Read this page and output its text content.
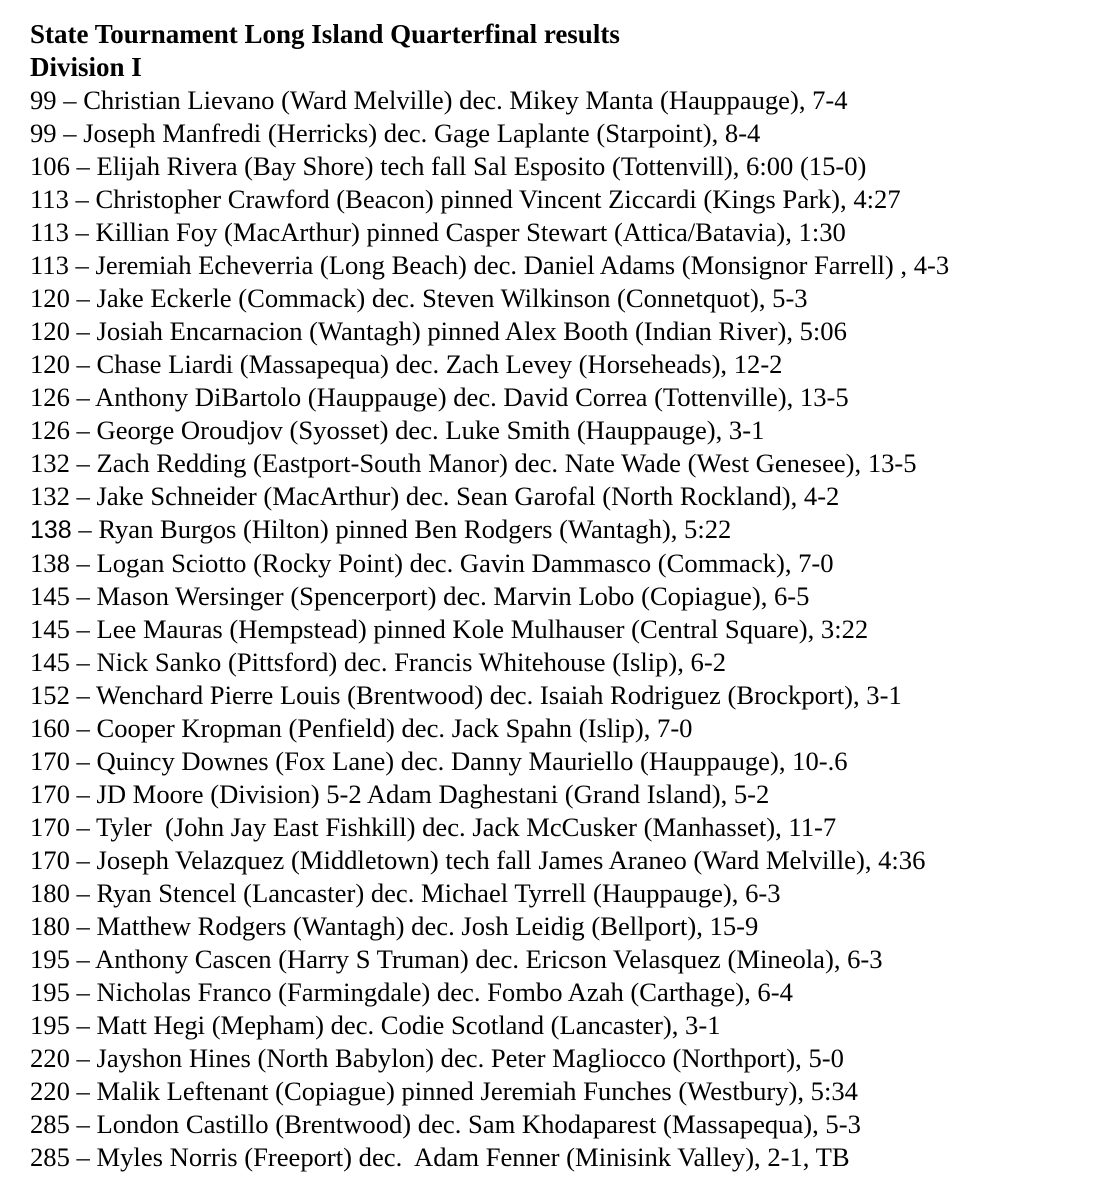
State Tournament Long Island Quarterfinal results
Division I
99 – Christian Lievano (Ward Melville) dec. Mikey Manta (Hauppauge), 7-4
99 – Joseph Manfredi (Herricks) dec. Gage Laplante (Starpoint), 8-4
106 – Elijah Rivera (Bay Shore) tech fall Sal Esposito (Tottenvill), 6:00 (15-0)
113 – Christopher Crawford (Beacon) pinned Vincent Ziccardi (Kings Park), 4:27
113 – Killian Foy (MacArthur) pinned Casper Stewart (Attica/Batavia), 1:30
113 – Jeremiah Echeverria (Long Beach) dec. Daniel Adams (Monsignor Farrell) , 4-3
120 – Jake Eckerle (Commack) dec. Steven Wilkinson (Connetquot), 5-3
120 – Josiah Encarnacion (Wantagh) pinned Alex Booth (Indian River), 5:06
120 – Chase Liardi (Massapequa) dec. Zach Levey (Horseheads), 12-2
126 – Anthony DiBartolo (Hauppauge) dec. David Correa (Tottenville), 13-5
126 – George Oroudjov (Syosset) dec. Luke Smith (Hauppauge), 3-1
132 – Zach Redding (Eastport-South Manor) dec. Nate Wade (West Genesee), 13-5
132 – Jake Schneider (MacArthur) dec. Sean Garofal (North Rockland), 4-2
138 – Ryan Burgos (Hilton) pinned Ben Rodgers (Wantagh), 5:22
138 – Logan Sciotto (Rocky Point) dec. Gavin Dammasco (Commack), 7-0
145 – Mason Wersinger (Spencerport) dec. Marvin Lobo (Copiague), 6-5
145 – Lee Mauras (Hempstead) pinned Kole Mulhauser (Central Square), 3:22
145 – Nick Sanko (Pittsford) dec. Francis Whitehouse (Islip), 6-2
152 – Wenchard Pierre Louis (Brentwood) dec. Isaiah Rodriguez (Brockport), 3-1
160 – Cooper Kropman (Penfield) dec. Jack Spahn (Islip), 7-0
170 – Quincy Downes (Fox Lane) dec. Danny Mauriello (Hauppauge), 10-.6
170 – JD Moore (Division) 5-2 Adam Daghestani (Grand Island), 5-2
170 – Tyler  (John Jay East Fishkill) dec. Jack McCusker (Manhasset), 11-7
170 – Joseph Velazquez (Middletown) tech fall James Araneo (Ward Melville), 4:36
180 – Ryan Stencel (Lancaster) dec. Michael Tyrrell (Hauppauge), 6-3
180 – Matthew Rodgers (Wantagh) dec. Josh Leidig (Bellport), 15-9
195 – Anthony Cascen (Harry S Truman) dec. Ericson Velasquez (Mineola), 6-3
195 – Nicholas Franco (Farmingdale) dec. Fombo Azah (Carthage), 6-4
195 – Matt Hegi (Mepham) dec. Codie Scotland (Lancaster), 3-1
220 – Jayshon Hines (North Babylon) dec. Peter Magliocco (Northport), 5-0
220 – Malik Leftenant (Copiague) pinned Jeremiah Funches (Westbury), 5:34
285 – London Castillo (Brentwood) dec. Sam Khodaparest (Massapequa), 5-3
285 – Myles Norris (Freeport) dec.  Adam Fenner (Minisink Valley), 2-1, TB
